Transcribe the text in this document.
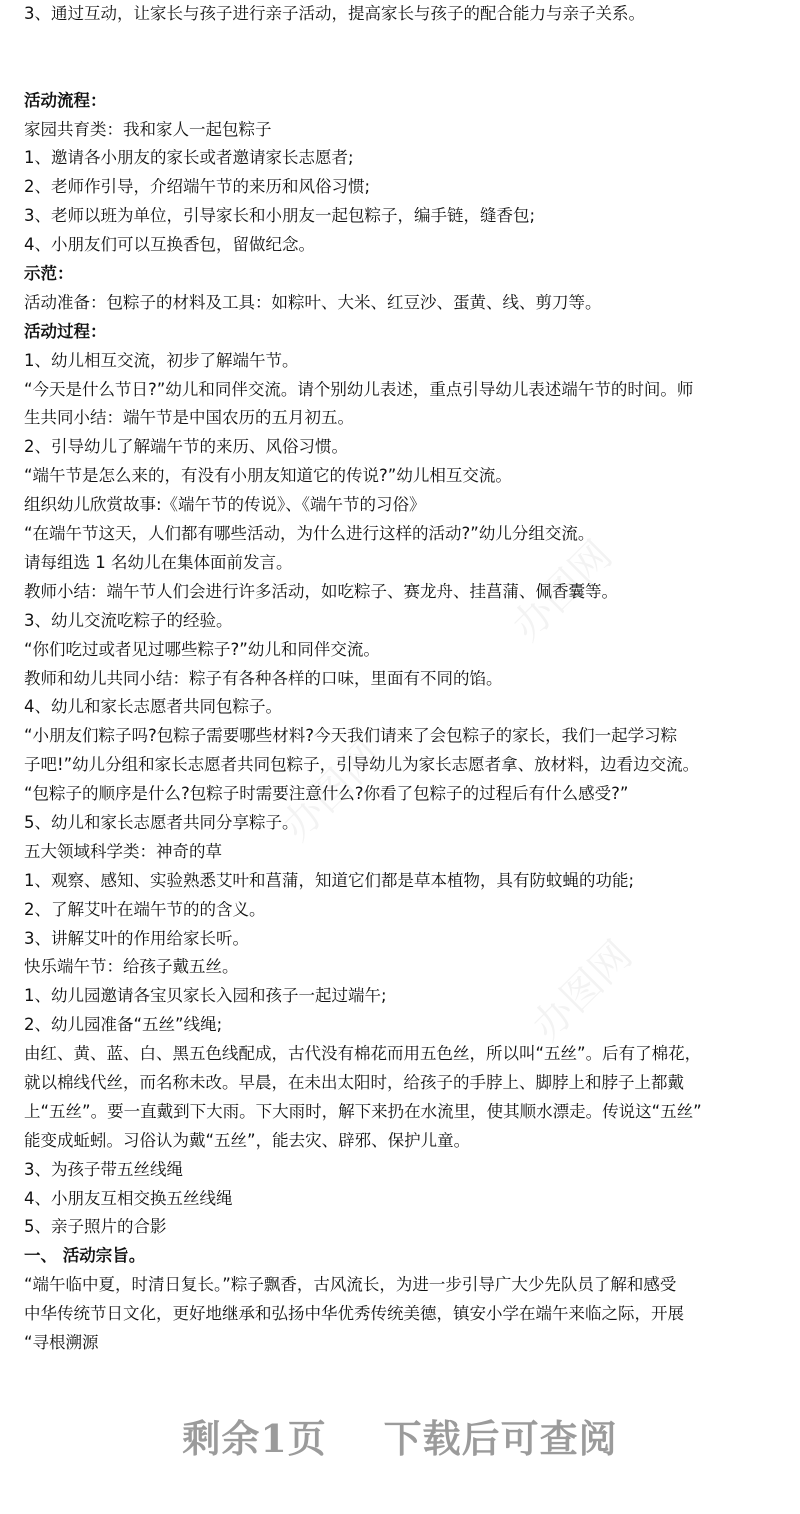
3、通过互动，让家长与孩子进行亲子活动，提高家长与孩子的配合能力与亲子关系。
活动流程：
家园共育类：我和家人一起包粽子
1、邀请各小朋友的家长或者邀请家长志愿者;
2、老师作引导，介绍端午节的来历和风俗习惯;
3、老师以班为单位，引导家长和小朋友一起包粽子，编手链，缝香包;
4、小朋友们可以互换香包，留做纪念。
示范：
活动准备：包粽子的材料及工具：如粽叶、大米、红豆沙、蛋黄、线、剪刀等。
活动过程：
1、幼儿相互交流，初步了解端午节。
“今天是什么节日?”幼儿和同伴交流。请个别幼儿表述，重点引导幼儿表述端午节的时间。师
生共同小结：端午节是中国农历的五月初五。
2、引导幼儿了解端午节的来历、风俗习惯。
“端午节是怎么来的，有没有小朋友知道它的传说?”幼儿相互交流。
组织幼儿欣赏故事:《端午节的传说》、《端午节的习俗》
“在端午节这天，人们都有哪些活动，为什么进行这样的活动?”幼儿分组交流。
请每组选 1 名幼儿在集体面前发言。
教师小结：端午节人们会进行许多活动，如吃粽子、赛龙舟、挂菖蒲、佩香囊等。
3、幼儿交流吃粽子的经验。
“你们吃过或者见过哪些粽子?”幼儿和同伴交流。
教师和幼儿共同小结：粽子有各种各样的口味，里面有不同的馅。
4、幼儿和家长志愿者共同包粽子。
“小朋友们粽子吗?包粽子需要哪些材料?今天我们请来了会包粽子的家长，我们一起学习粽
子吧!”幼儿分组和家长志愿者共同包粽子，引导幼儿为家长志愿者拿、放材料，边看边交流。
“包粽子的顺序是什么?包粽子时需要注意什么?你看了包粽子的过程后有什么感受?”
5、幼儿和家长志愿者共同分享粽子。
五大领域科学类：神奇的草
1、观察、感知、实验熟悉艾叶和菖蒲，知道它们都是草本植物，具有防蚊蝇的功能;
2、了解艾叶在端午节的的含义。
3、讲解艾叶的作用给家长听。
快乐端午节：给孩子戴五丝。
1、幼儿园邀请各宝贝家长入园和孩子一起过端午;
2、幼儿园准备“五丝”线绳;
由红、黄、蓝、白、黑五色线配成，古代没有棉花而用五色丝，所以叫“五丝”。后有了棉花，
就以棉线代丝，而名称未改。早晨，在未出太阳时，给孩子的手脖上、脚脖上和脖子上都戴
上“五丝”。要一直戴到下大雨。下大雨时，解下来扔在水流里，使其顺水漂走。传说这“五丝”
能变成蚯蚓。习俗认为戴“五丝”，能去灾、辟邪、保护儿童。
3、为孩子带五丝线绳
4、小朋友互相交换五丝线绳
5、亲子照片的合影
一、 活动宗旨。
“端午临中夏，时清日复长。”粽子飘香，古风流长，为进一步引导广大少先队员了解和感受
中华传统节日文化，更好地继承和弘扬中华优秀传统美德，镇安小学在端午来临之际，开展
“寻根溯源
办图网
办图网
办图网
剩余1页    下载后可查阅
